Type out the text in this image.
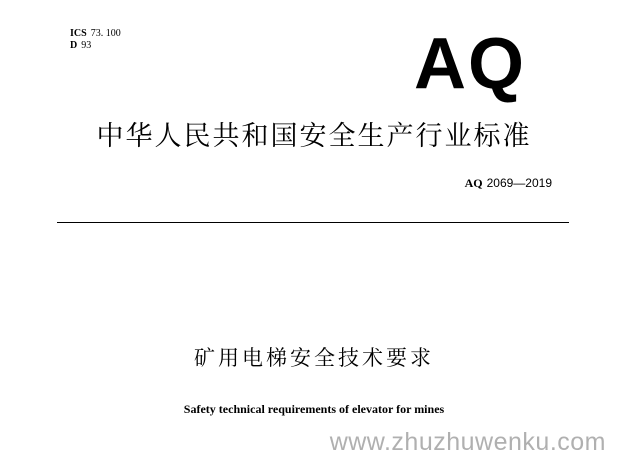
ICS 73. 100
D 93	AQ
中华人民共和国安全生产行业标准
AQ 2069—2019
矿用电梯安全技术要求
Safety technical requirements of elevator for mines
www.zhuzhuwenku.com
